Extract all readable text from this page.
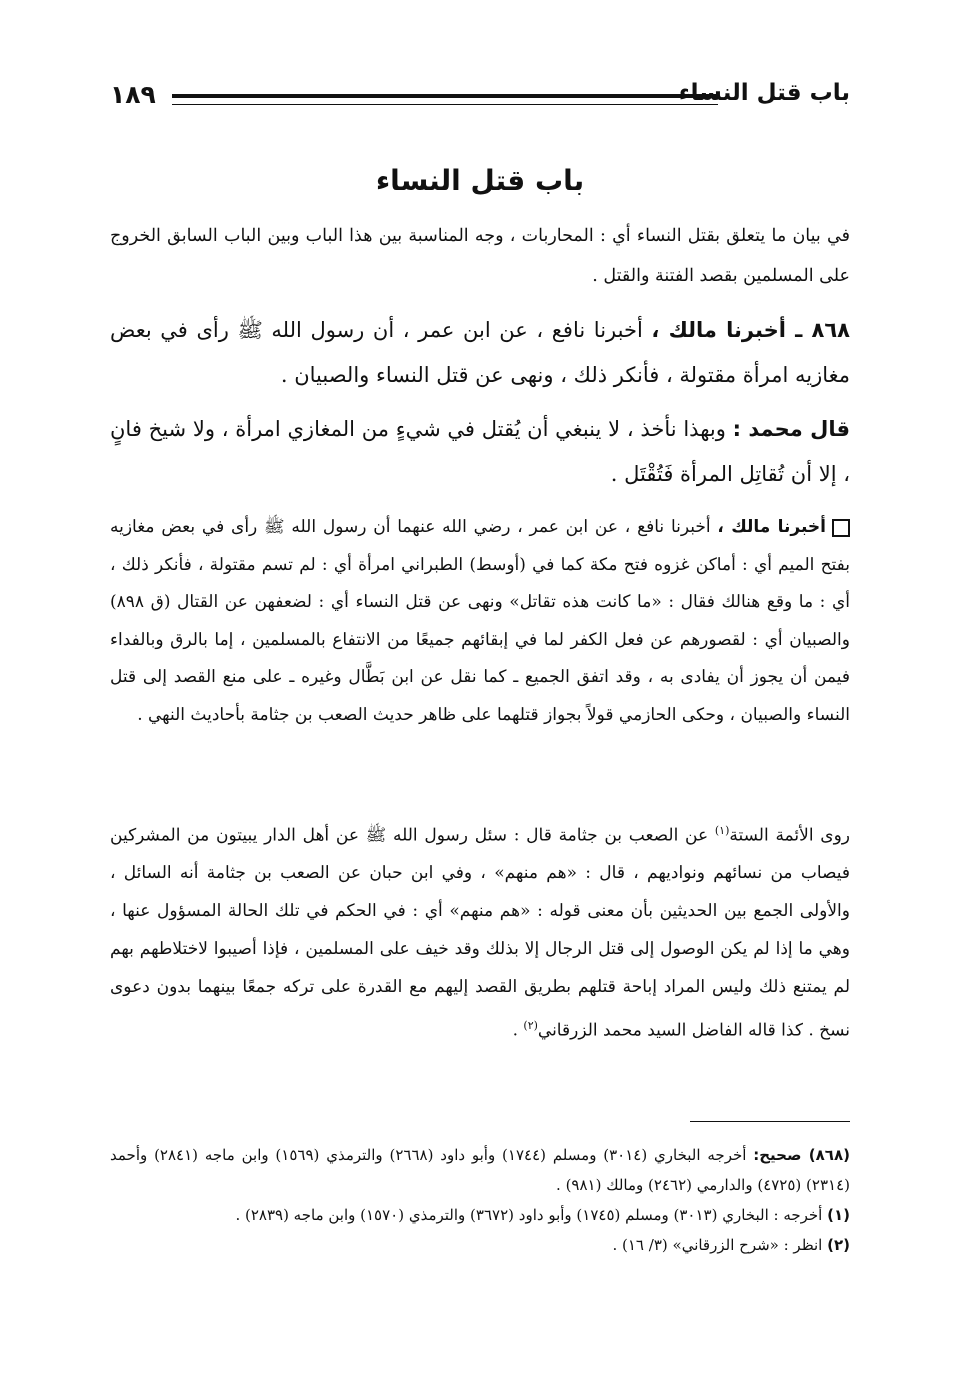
١٨٩	باب قتل النساء
باب قتل النساء

في بيان ما يتعلق بقتل النساء أي : المحاربات ، وجه المناسبة بين هذا الباب وبين الباب السابق الخروج على المسلمين بقصد الفتنة والقتل .

٨٦٨ ـ أخبرنا مالك ، أخبرنا نافع ، عن ابن عمر ، أن رسول الله ﷺ رأى في بعض مغازيه امرأة مقتولة ، فأنكر ذلك ، ونهى عن قتل النساء والصبيان .

قال محمد : وبهذا نأخذ ، لا ينبغي أن يُقتل في شيءٍ من المغازي امرأة ، ولا شيخ فانٍ ، إلا أن تُقاتِل المرأة فَتُقْتَل .

أخبرنا مالك ، أخبرنا نافع ، عن ابن عمر ، رضي الله عنهما أن رسول الله ﷺ رأى في بعض مغازيه بفتح الميم أي : أماكن غزوه فتح مكة كما في (أوسط) الطبراني امرأة أي : لم تسم مقتولة ، فأنكر ذلك ، أي : ما وقع هنالك فقال : «ما كانت هذه تقاتل» ونهى عن قتل النساء أي : لضعفهن عن القتال (ق ٨٩٨) والصبيان أي : لقصورهم عن فعل الكفر لما في إبقائهم جميعًا من الانتفاع بالمسلمين ، إما بالرق وبالفداء فيمن أن يجوز أن يفادى به ، وقد اتفق الجميع ـ كما نقل عن ابن بَطَّال وغيره ـ على منع القصد إلى قتل النساء والصبيان ، وحكى الحازمي قولاً بجواز قتلهما على ظاهر حديث الصعب بن جثامة بأحاديث النهي .

روى الأئمة الستة$^{(١)}$ عن الصعب بن جثامة قال : سئل رسول الله ﷺ عن أهل الدار يبيتون من المشركين فيصاب من نسائهم ونواديهم ، قال : «هم منهم» ، وفي ابن حبان عن الصعب بن جثامة أنه السائل ، والأولى الجمع بين الحديثين بأن معنى قوله : «هم منهم» أي : في الحكم في تلك الحالة المسؤول عنها ، وهي ما إذا لم يكن الوصول إلى قتل الرجال إلا بذلك وقد خيف على المسلمين ، فإذا أصيبوا لاختلاطهم بهم لم يمتنع ذلك وليس المراد إباحة قتلهم بطريق القصد إليهم مع القدرة على تركه جمعًا بينهما بدون دعوى نسخ . كذا قاله الفاضل السيد محمد الزرقاني$^{(٢)}$ .

(٨٦٨) صحيح: أخرجه البخاري (٣٠١٤) ومسلم (١٧٤٤) وأبو داود (٢٦٦٨) والترمذي (١٥٦٩) وابن ماجه (٢٨٤١) وأحمد (٢٣١٤) (٤٧٢٥) والدارمي (٢٤٦٢) ومالك (٩٨١) .

(١) أخرجه : البخاري (٣٠١٣) ومسلم (١٧٤٥) وأبو داود (٣٦٧٢) والترمذي (١٥٧٠) وابن ماجه (٢٨٣٩) .

(٢) انظر : «شرح الزرقاني» (٣/ ١٦) .
